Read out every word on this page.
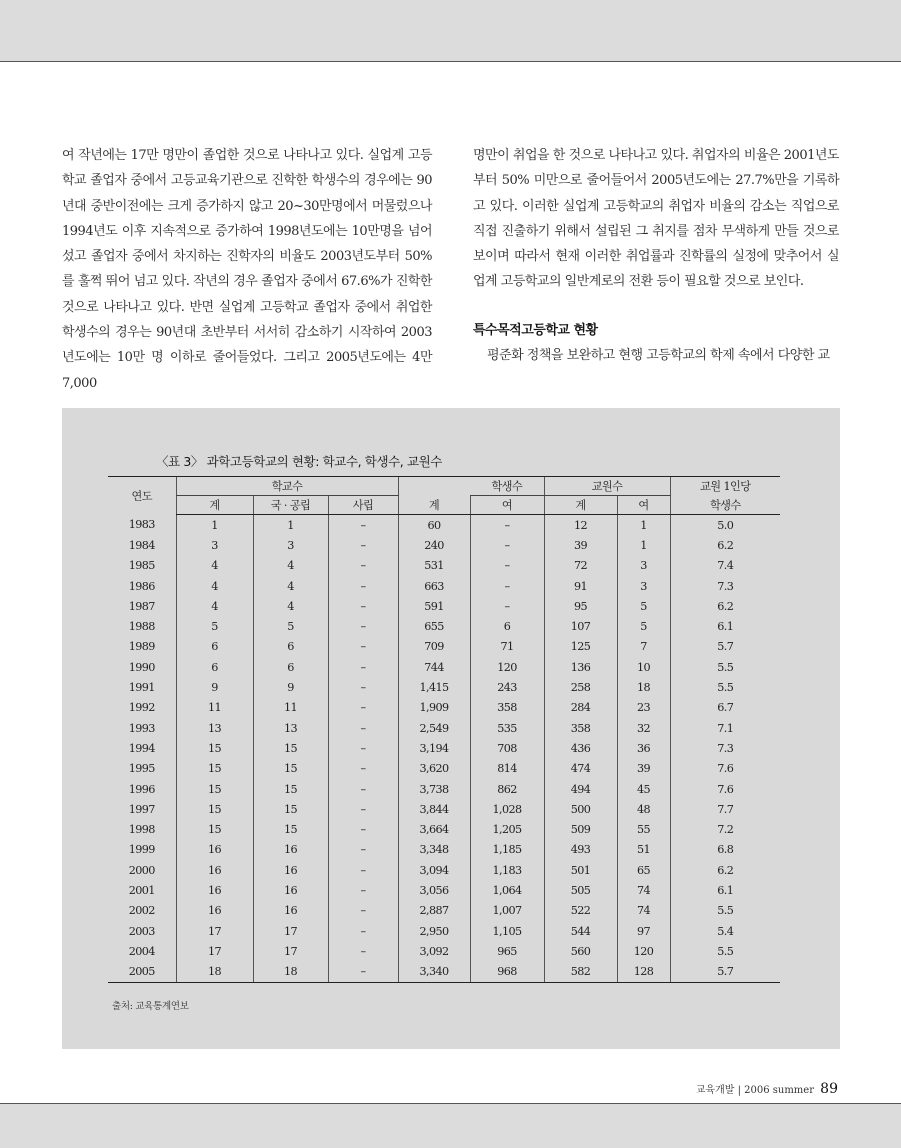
여 작년에는 17만 명만이 졸업한 것으로 나타나고 있다. 실업계 고등학교 졸업자 중에서 고등교육기관으로 진학한 학생수의 경우에는 90년대 중반이전에는 크게 증가하지 않고 20~30만명에서 머물렀으나 1994년도 이후 지속적으로 증가하여 1998년도에는 10만명을 넘어섰고 졸업자 중에서 차지하는 진학자의 비율도 2003년도부터 50%를 훌쩍 뛰어 넘고 있다. 작년의 경우 졸업자 중에서 67.6%가 진학한 것으로 나타나고 있다. 반면 실업계 고등학교 졸업자 중에서 취업한 학생수의 경우는 90년대 초반부터 서서히 감소하기 시작하여 2003년도에는 10만 명 이하로 줄어들었다. 그리고 2005년도에는 4만 7,000

명만이 취업을 한 것으로 나타나고 있다. 취업자의 비율은 2001년도부터 50% 미만으로 줄어들어서 2005년도에는 27.7%만을 기록하고 있다. 이러한 실업계 고등학교의 취업자 비율의 감소는 직업으로 직접 진출하기 위해서 설립된 그 취지를 점차 무색하게 만들 것으로 보이며 따라서 현재 이러한 취업률과 진학률의 실정에 맞추어서 실업계 고등학교의 일반계로의 전환 등이 필요할 것으로 보인다.

특수목적고등학교 현황

평준화 정책을 보완하고 현행 고등학교의 학제 속에서 다양한 교

〈표 3〉 과학고등학교의 현황: 학교수, 학생수, 교원수
연도	학교수				학생수	교원수		교원 1인당
	계	국 · 공립	사립	계	여	계	여	학생수
1983	1	1	–	60	–	12	1	5.0
1984	3	3	–	240	–	39	1	6.2
1985	4	4	–	531	–	72	3	7.4
1986	4	4	–	663	–	91	3	7.3
1987	4	4	–	591	–	95	5	6.2
1988	5	5	–	655	6	107	5	6.1
1989	6	6	–	709	71	125	7	5.7
1990	6	6	–	744	120	136	10	5.5
1991	9	9	–	1,415	243	258	18	5.5
1992	11	11	–	1,909	358	284	23	6.7
1993	13	13	–	2,549	535	358	32	7.1
1994	15	15	–	3,194	708	436	36	7.3
1995	15	15	–	3,620	814	474	39	7.6
1996	15	15	–	3,738	862	494	45	7.6
1997	15	15	–	3,844	1,028	500	48	7.7
1998	15	15	–	3,664	1,205	509	55	7.2
1999	16	16	–	3,348	1,185	493	51	6.8
2000	16	16	–	3,094	1,183	501	65	6.2
2001	16	16	–	3,056	1,064	505	74	6.1
2002	16	16	–	2,887	1,007	522	74	5.5
2003	17	17	–	2,950	1,105	544	97	5.4
2004	17	17	–	3,092	965	560	120	5.5
2005	18	18	–	3,340	968	582	128	5.7
출처: 교육통계연보
교육개발 | 2006 summer 89
